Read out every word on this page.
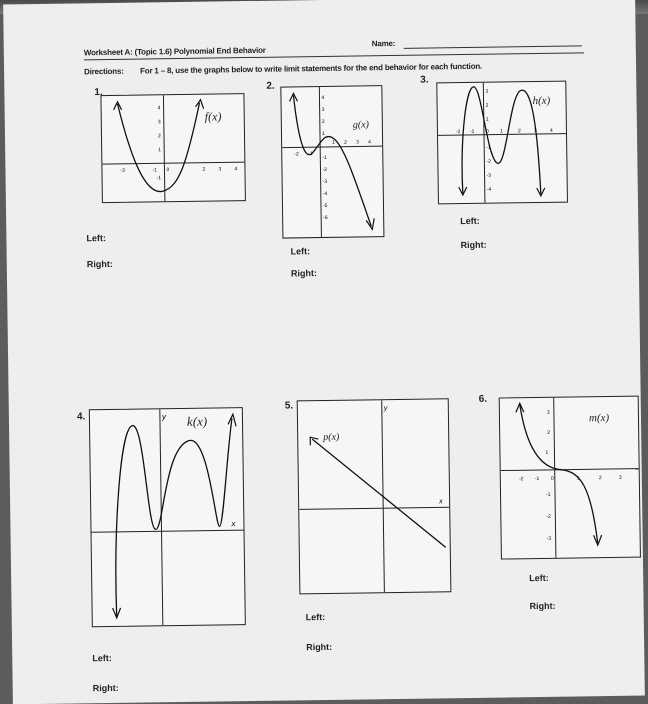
Worksheet A: (Topic 1.6) Polynomial End Behavior
Name:
Directions: For 1 – 8, use the graphs below to write limit statements for the end behavior for each function.
1.
2.
3.
-3	-1 0	2	3	4
4
3
2
1
-1
f(x)
-2 -1
1 2 3 4
4
3
2
1
-1
-2
-3
-4
-5
-6
g(x)
-2 -1 0 1	2	3	4
3
2
1
-1
-2
-3
-4
h(x)
Left:
Right:
Left:
Right:
Left:
Right:
4.
5.
6.
y
x
k(x)
y
x
p(x)
-2 -1 0	1	2	3
3
2
1
-1
-2
-3
m(x)
Left:
Right:
Left:
Right:
Left:
Right:
